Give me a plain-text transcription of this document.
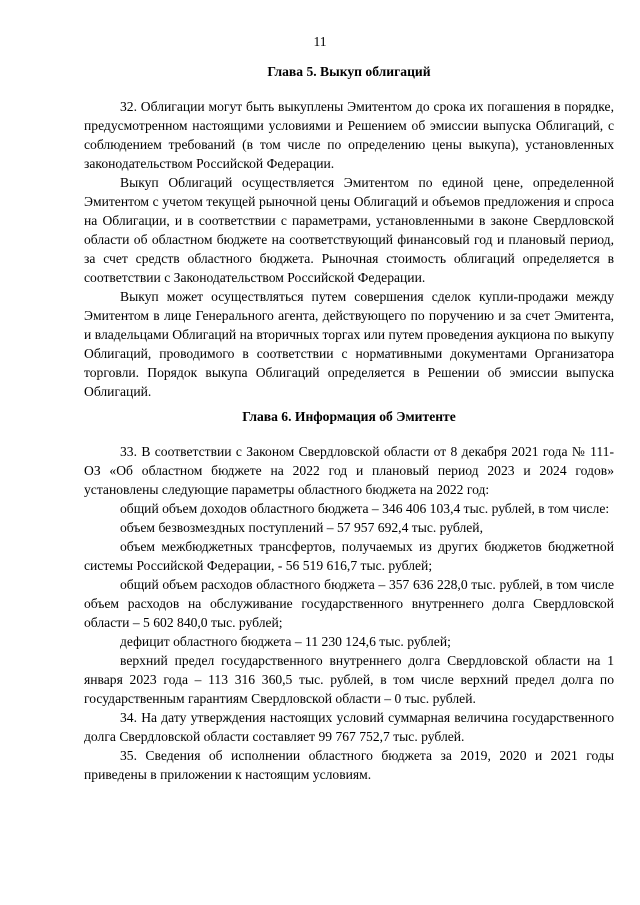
11
Глава 5. Выкуп облигаций

32. Облигации могут быть выкуплены Эмитентом до срока их погашения в порядке, предусмотренном настоящими условиями и Решением об эмиссии выпуска Облигаций, с соблюдением требований (в том числе по определению цены выкупа), установленных законодательством Российской Федерации.

Выкуп Облигаций осуществляется Эмитентом по единой цене, определенной Эмитентом с учетом текущей рыночной цены Облигаций и объемов предложения и спроса на Облигации, и в соответствии с параметрами, установленными в законе Свердловской области об областном бюджете на соответствующий финансовый год и плановый период, за счет средств областного бюджета. Рыночная стоимость облигаций определяется в соответствии с Законодательством Российской Федерации.

Выкуп может осуществляться путем совершения сделок купли-продажи между Эмитентом в лице Генерального агента, действующего по поручению и за счет Эмитента, и владельцами Облигаций на вторичных торгах или путем проведения аукциона по выкупу Облигаций, проводимого в соответствии с нормативными документами Организатора торговли. Порядок выкупа Облигаций определяется в Решении об эмиссии выпуска Облигаций.

Глава 6. Информация об Эмитенте

33. В соответствии с Законом Свердловской области от 8 декабря 2021 года № 111-ОЗ «Об областном бюджете на 2022 год и плановый период 2023 и 2024 годов» установлены следующие параметры областного бюджета на 2022 год:

общий объем доходов областного бюджета – 346 406 103,4 тыс. рублей, в том числе:

объем безвозмездных поступлений – 57 957 692,4 тыс. рублей,

объем межбюджетных трансфертов, получаемых из других бюджетов бюджетной системы Российской Федерации, - 56 519 616,7 тыс. рублей;

общий объем расходов областного бюджета – 357 636 228,0 тыс. рублей, в том числе объем расходов на обслуживание государственного внутреннего долга Свердловской области – 5 602 840,0 тыс. рублей;

дефицит областного бюджета – 11 230 124,6 тыс. рублей;

верхний предел государственного внутреннего долга Свердловской области на 1 января 2023 года – 113 316 360,5 тыс. рублей, в том числе верхний предел долга по государственным гарантиям Свердловской области – 0 тыс. рублей.

34. На дату утверждения настоящих условий суммарная величина государственного долга Свердловской области составляет 99 767 752,7 тыс. рублей.

35. Сведения об исполнении областного бюджета за 2019, 2020 и 2021 годы приведены в приложении к настоящим условиям.
